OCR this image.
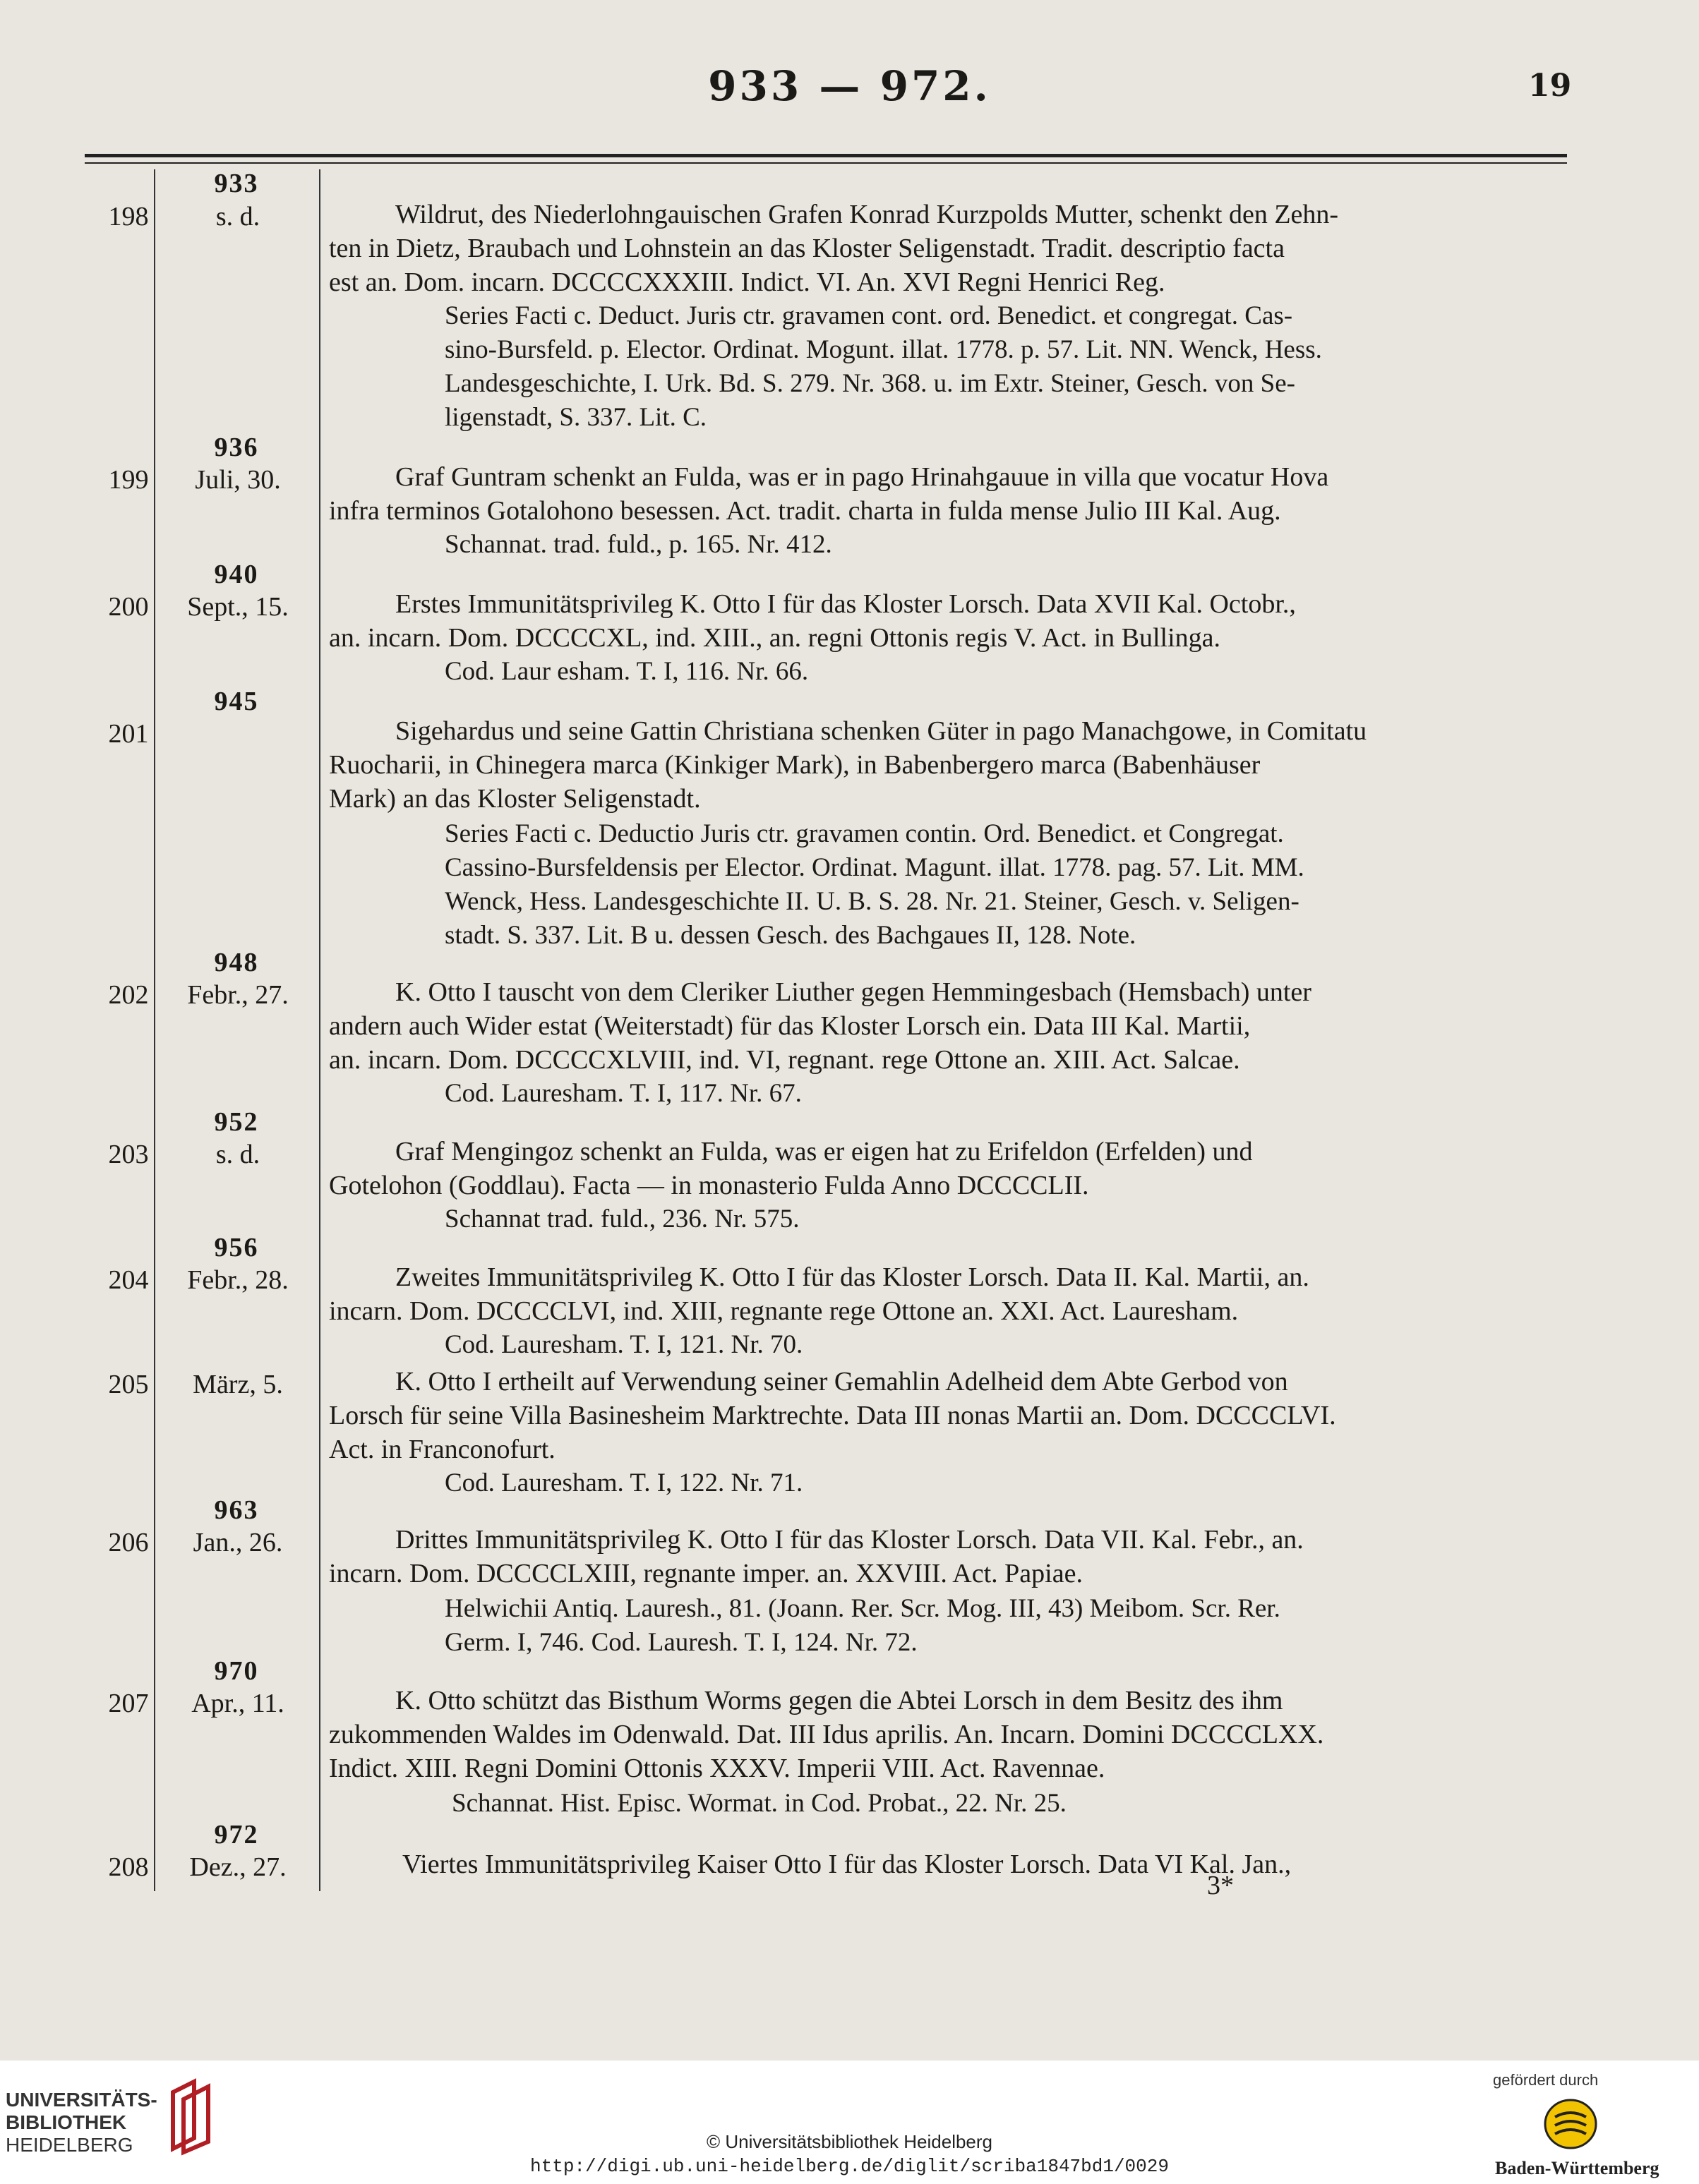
933 — 972.	19
933
198	s. d.	Wildrut, des Niederlohngauischen Grafen Konrad Kurzpolds Mutter, schenkt den Zehn-
ten in Dietz, Braubach und Lohnstein an das Kloster Seligenstadt. Tradit. descriptio facta
est an. Dom. incarn. DCCCCXXXIII. Indict. VI. An. XVI Regni Henrici Reg.
Series Facti c. Deduct. Juris ctr. gravamen cont. ord. Benedict. et congregat. Cas-
sino-Bursfeld. p. Elector. Ordinat. Mogunt. illat. 1778. p. 57. Lit. NN. Wenck, Hess.
Landesgeschichte, I. Urk. Bd. S. 279. Nr. 368. u. im Extr. Steiner, Gesch. von Se-
ligenstadt, S. 337. Lit. C.
936
199	Juli, 30.	Graf Guntram schenkt an Fulda, was er in pago Hrinahgauue in villa que vocatur Hova
infra terminos Gotalohono besessen. Act. tradit. charta in fulda mense Julio III Kal. Aug.
Schannat. trad. fuld., p. 165. Nr. 412.
940
200	Sept., 15.	Erstes Immunitätsprivileg K. Otto I für das Kloster Lorsch. Data XVII Kal. Octobr.,
an. incarn. Dom. DCCCCXL, ind. XIII., an. regni Ottonis regis V. Act. in Bullinga.
Cod. Laur esham. T. I, 116. Nr. 66.
945
201	Sigehardus und seine Gattin Christiana schenken Güter in pago Manachgowe, in Comitatu
Ruocharii, in Chinegera marca (Kinkiger Mark), in Babenbergero marca (Babenhäuser
Mark) an das Kloster Seligenstadt.
Series Facti c. Deductio Juris ctr. gravamen contin. Ord. Benedict. et Congregat.
Cassino-Bursfeldensis per Elector. Ordinat. Magunt. illat. 1778. pag. 57. Lit. MM.
Wenck, Hess. Landesgeschichte II. U. B. S. 28. Nr. 21. Steiner, Gesch. v. Seligen-
stadt. S. 337. Lit. B u. dessen Gesch. des Bachgaues II, 128. Note.
948
202	Febr., 27.	K. Otto I tauscht von dem Cleriker Liuther gegen Hemmingesbach (Hemsbach) unter
andern auch Wider estat (Weiterstadt) für das Kloster Lorsch ein. Data III Kal. Martii,
an. incarn. Dom. DCCCCXLVIII, ind. VI, regnant. rege Ottone an. XIII. Act. Salcae.
Cod. Lauresham. T. I, 117. Nr. 67.
952
203	s. d.	Graf Mengingoz schenkt an Fulda, was er eigen hat zu Erifeldon (Erfelden) und
Gotelohon (Goddlau). Facta — in monasterio Fulda Anno DCCCCLII.
Schannat trad. fuld., 236. Nr. 575.
956
204	Febr., 28.	Zweites Immunitätsprivileg K. Otto I für das Kloster Lorsch. Data II. Kal. Martii, an.
incarn. Dom. DCCCCLVI, ind. XIII, regnante rege Ottone an. XXI. Act. Lauresham.
Cod. Lauresham. T. I, 121. Nr. 70.
205	März, 5.	K. Otto I ertheilt auf Verwendung seiner Gemahlin Adelheid dem Abte Gerbod von
Lorsch für seine Villa Basinesheim Marktrechte. Data III nonas Martii an. Dom. DCCCCLVI.
Act. in Franconofurt.
Cod. Lauresham. T. I, 122. Nr. 71.
963
206	Jan., 26.	Drittes Immunitätsprivileg K. Otto I für das Kloster Lorsch. Data VII. Kal. Febr., an.
incarn. Dom. DCCCCLXIII, regnante imper. an. XXVIII. Act. Papiae.
Helwichii Antiq. Lauresh., 81. (Joann. Rer. Scr. Mog. III, 43) Meibom. Scr. Rer.
Germ. I, 746. Cod. Lauresh. T. I, 124. Nr. 72.
970
207	Apr., 11.	K. Otto schützt das Bisthum Worms gegen die Abtei Lorsch in dem Besitz des ihm
zukommenden Waldes im Odenwald. Dat. III Idus aprilis. An. Incarn. Domini DCCCCLXX.
Indict. XIII. Regni Domini Ottonis XXXV. Imperii VIII. Act. Ravennae.
Schannat. Hist. Episc. Wormat. in Cod. Probat., 22. Nr. 25.
972
208	Dez., 27.	Viertes Immunitätsprivileg Kaiser Otto I für das Kloster Lorsch. Data VI Kal. Jan.,
3*
UNIVERSITÄTS-
BIBLIOTHEK
HEIDELBERG	© Universitätsbibliothek Heidelberg
http://digi.ub.uni-heidelberg.de/diglit/scriba1847bd1/0029
gefördert durch
Baden-Württemberg
